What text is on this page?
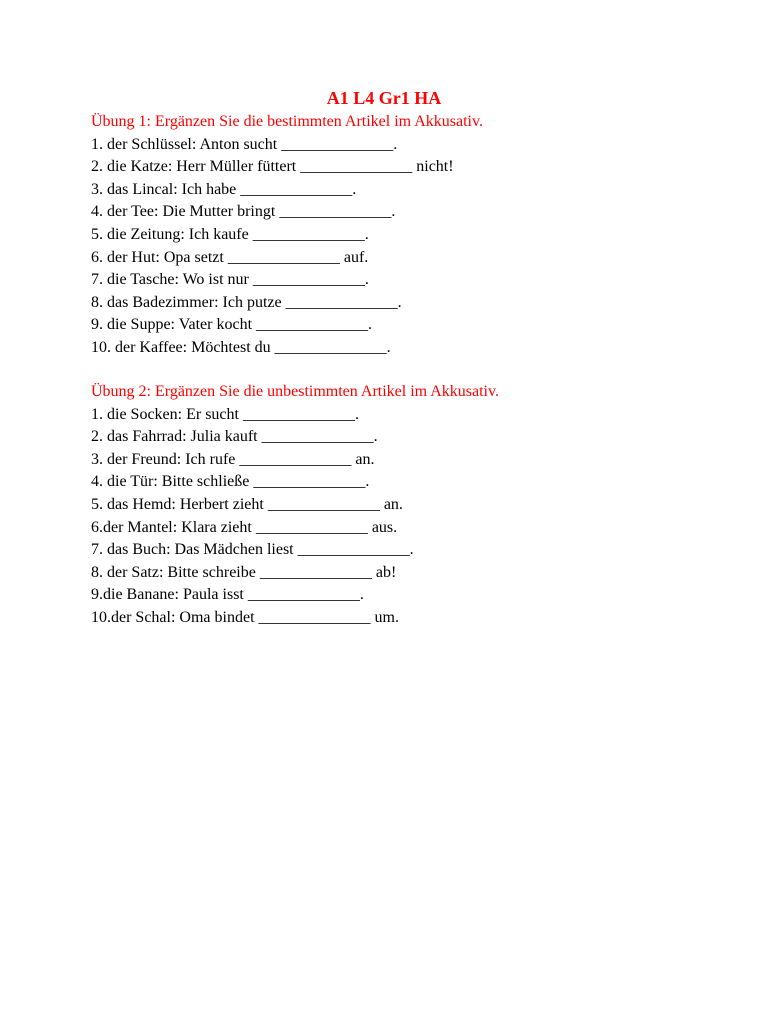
A1 L4 Gr1 HA

Übung 1: Ergänzen Sie die bestimmten Artikel im Akkusativ.

1. der Schlüssel: Anton sucht ______________.
2. die Katze: Herr Müller füttert ______________ nicht!
3. das Lincal: Ich habe ______________.
4. der Tee: Die Mutter bringt ______________.
5. die Zeitung: Ich kaufe ______________.
6. der Hut: Opa setzt ______________ auf.
7. die Tasche: Wo ist nur ______________.
8. das Badezimmer: Ich putze ______________.
9. die Suppe: Vater kocht ______________.
10. der Kaffee: Möchtest du ______________.

Übung 2: Ergänzen Sie die unbestimmten Artikel im Akkusativ.

1. die Socken: Er sucht ______________.
2. das Fahrrad: Julia kauft ______________.
3. der Freund: Ich rufe ______________ an.
4. die Tür: Bitte schließe ______________.
5. das Hemd: Herbert zieht ______________ an.
6.der Mantel: Klara zieht ______________ aus.
7. das Buch: Das Mädchen liest ______________.
8. der Satz: Bitte schreibe ______________ ab!
9.die Banane: Paula isst ______________.
10.der Schal: Oma bindet ______________ um.
